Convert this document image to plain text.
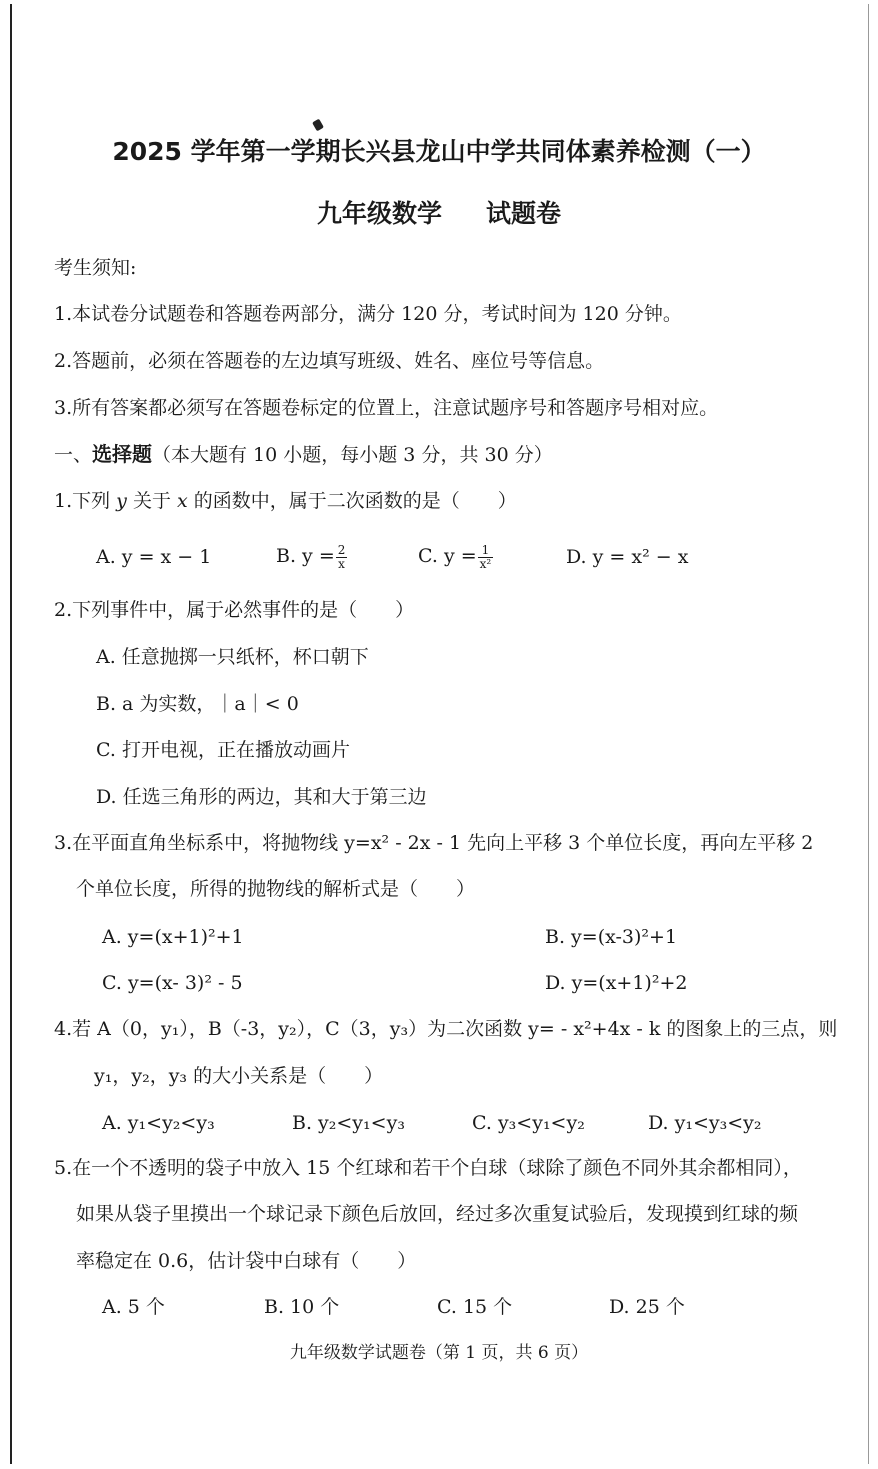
2025 学年第一学期长兴县龙山中学共同体素养检测（一）
九年级数学 试题卷
考生须知:
1.本试卷分试题卷和答题卷两部分，满分 120 分，考试时间为 120 分钟。
2.答题前，必须在答题卷的左边填写班级、姓名、座位号等信息。
3.所有答案都必须写在答题卷标定的位置上，注意试题序号和答题序号相对应。
一、选择题（本大题有 10 小题，每小题 3 分，共 30 分）
1.下列 y 关于 x 的函数中，属于二次函数的是（　　）
A. y = x − 1	B. $y = \frac{2}{x}$	C. $y = \frac{1}{\text{x²}}$	D. y = x² − x
2.下列事件中，属于必然事件的是（　　）
A. 任意抛掷一只纸杯，杯口朝下
B. a 为实数，｜a｜< 0
C. 打开电视，正在播放动画片
D. 任选三角形的两边，其和大于第三边
3.在平面直角坐标系中，将抛物线 y=x² - 2x - 1 先向上平移 3 个单位长度，再向左平移 2
个单位长度，所得的抛物线的解析式是（　　）
A. y=(x+1)²+1	B. y=(x-3)²+1
C. y=(x- 3)² - 5	D. y=(x+1)²+2
4.若 A（0，y₁），B（-3，y₂），C（3，y₃）为二次函数 y= - x²+4x - k 的图象上的三点，则
y₁，y₂，y₃ 的大小关系是（　　）
A. y₁<y₂<y₃	B. y₂<y₁<y₃	C. y₃<y₁<y₂	D. y₁<y₃<y₂
5.在一个不透明的袋子中放入 15 个红球和若干个白球（球除了颜色不同外其余都相同），
如果从袋子里摸出一个球记录下颜色后放回，经过多次重复试验后，发现摸到红球的频
率稳定在 0.6，估计袋中白球有（　　）
A. 5 个	B. 10 个	C. 15 个	D. 25 个
九年级数学试题卷（第 1 页，共 6 页）
